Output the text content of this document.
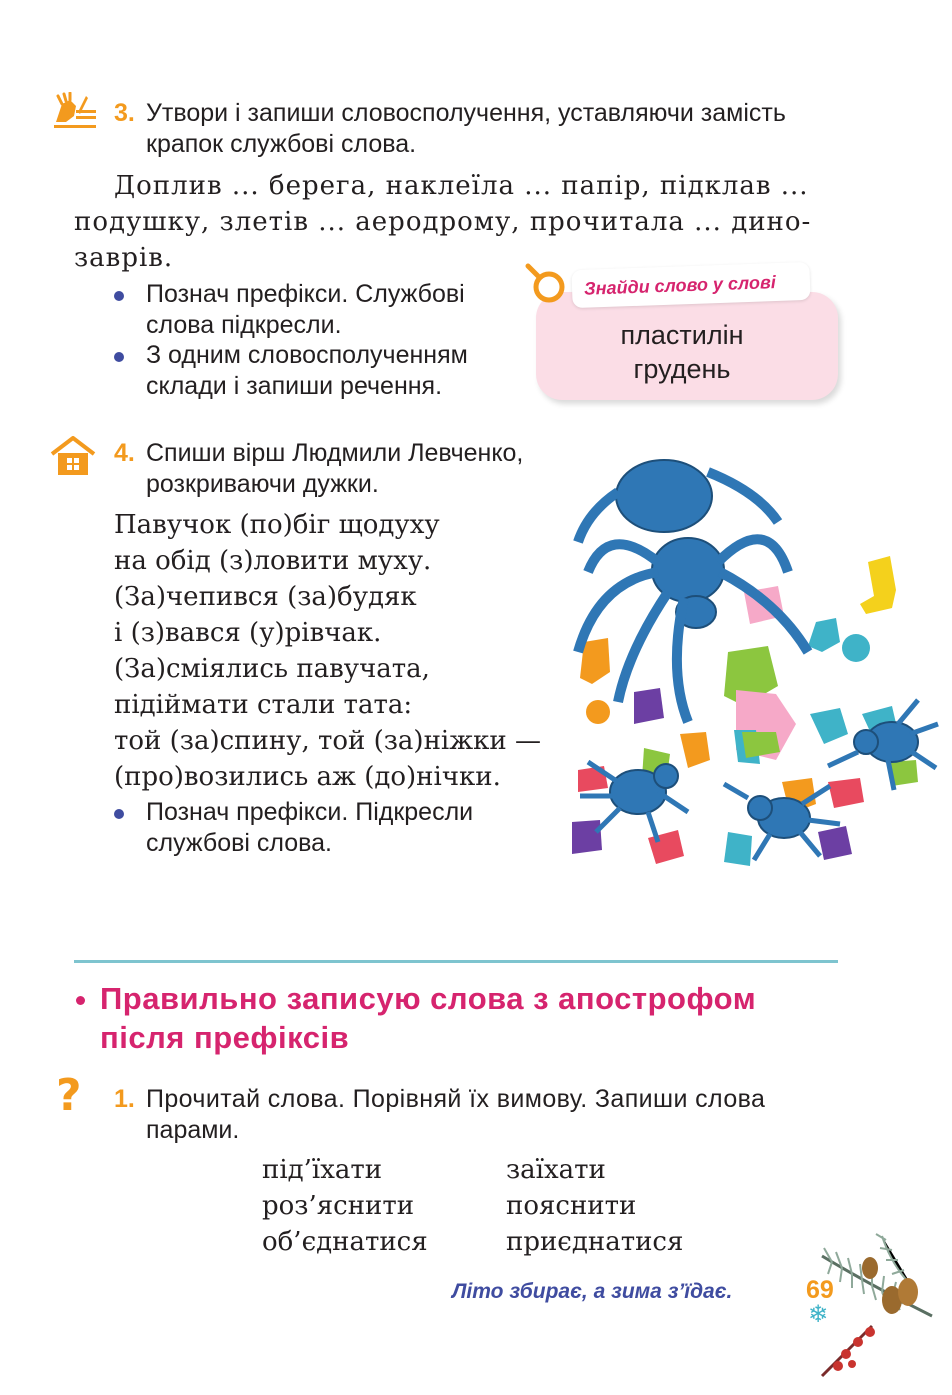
3. Утвори і запиши словосполучення, уставляючи замість
крапок службові слова.
Доплив ... берега, наклеїла ... папір, підклав ...
подушку, злетів ... аеродрому, прочитала ... дино-
заврів.
Познач префікси. Службові
слова підкресли.
З одним словосполученням
склади і запиши речення.
пластилін
грудень
Знайди слово у слові
4. Спиши вірш Людмили Левченко,
розкриваючи дужки.
Павучок (по)біг щодуху
на обід (з)ловити муху.
(За)чепився (за)будяк
і (з)вався (у)рівчак.
(За)сміялись павучата,
підіймати стали тата:
той (за)спину, той (за)ніжки —
(про)возились аж (до)нічки.
Познач префікси. Підкресли
службові слова.
Правильно записую слова з апострофом
після префіксів
? 1. Прочитай слова. Порівняй їх вимову. Запиши слова
парами.
під’їхати	заїхати
роз’яснити	пояснити
об’єднатися	приєднатися
Літо збирає, а зима з’їдає.	69
❄
